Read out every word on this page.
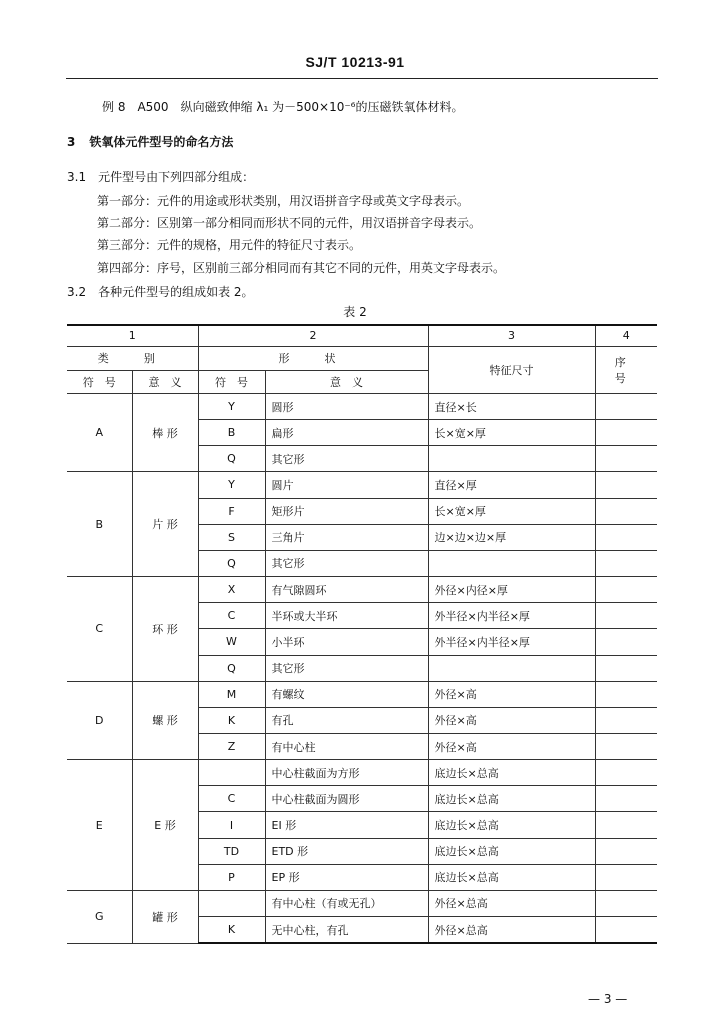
SJ/T 10213-91
例 8　A500　纵向磁致伸缩 λ₁ 为－500×10⁻⁶的压磁铁氧体材料。
3 铁氧体元件型号的命名方法
3.1 元件型号由下列四部分组成：
第一部分：元件的用途或形状类别，用汉语拼音字母或英文字母表示。
第二部分：区别第一部分相同而形状不同的元件，用汉语拼音字母表示。
第三部分：元件的规格，用元件的特征尺寸表示。
第四部分：序号，区别前三部分相同而有其它不同的元件，用英文字母表示。
3.2 各种元件型号的组成如表 2。
表 2
1		2		3	4
类　别		形　状		特征尺寸	序　号
符　号	意　义	符　号	意　义		
A	棒 形	Y	圆形	直径×长	
		B	扁形	长×宽×厚	
		Q	其它形		
B	片 形	Y	圆片	直径×厚	
		F	矩形片	长×宽×厚	
		S	三角片	边×边×边×厚	
		Q	其它形		
C	环 形	X	有气隙圆环	外径×内径×厚	
		C	半环或大半环	外半径×内半径×厚	
		W	小半环	外半径×内半径×厚	
		Q	其它形		
D	螺 形	M	有螺纹	外径×高	
		K	有孔	外径×高	
		Z	有中心柱	外径×高	
E	E 形		中心柱截面为方形	底边长×总高	
		C	中心柱截面为圆形	底边长×总高	
		I	EI 形	底边长×总高	
		TD	ETD 形	底边长×总高	
		P	EP 形	底边长×总高	
G	罐 形		有中心柱（有或无孔）	外径×总高	
		K	无中心柱，有孔	外径×总高	
— 3 —
